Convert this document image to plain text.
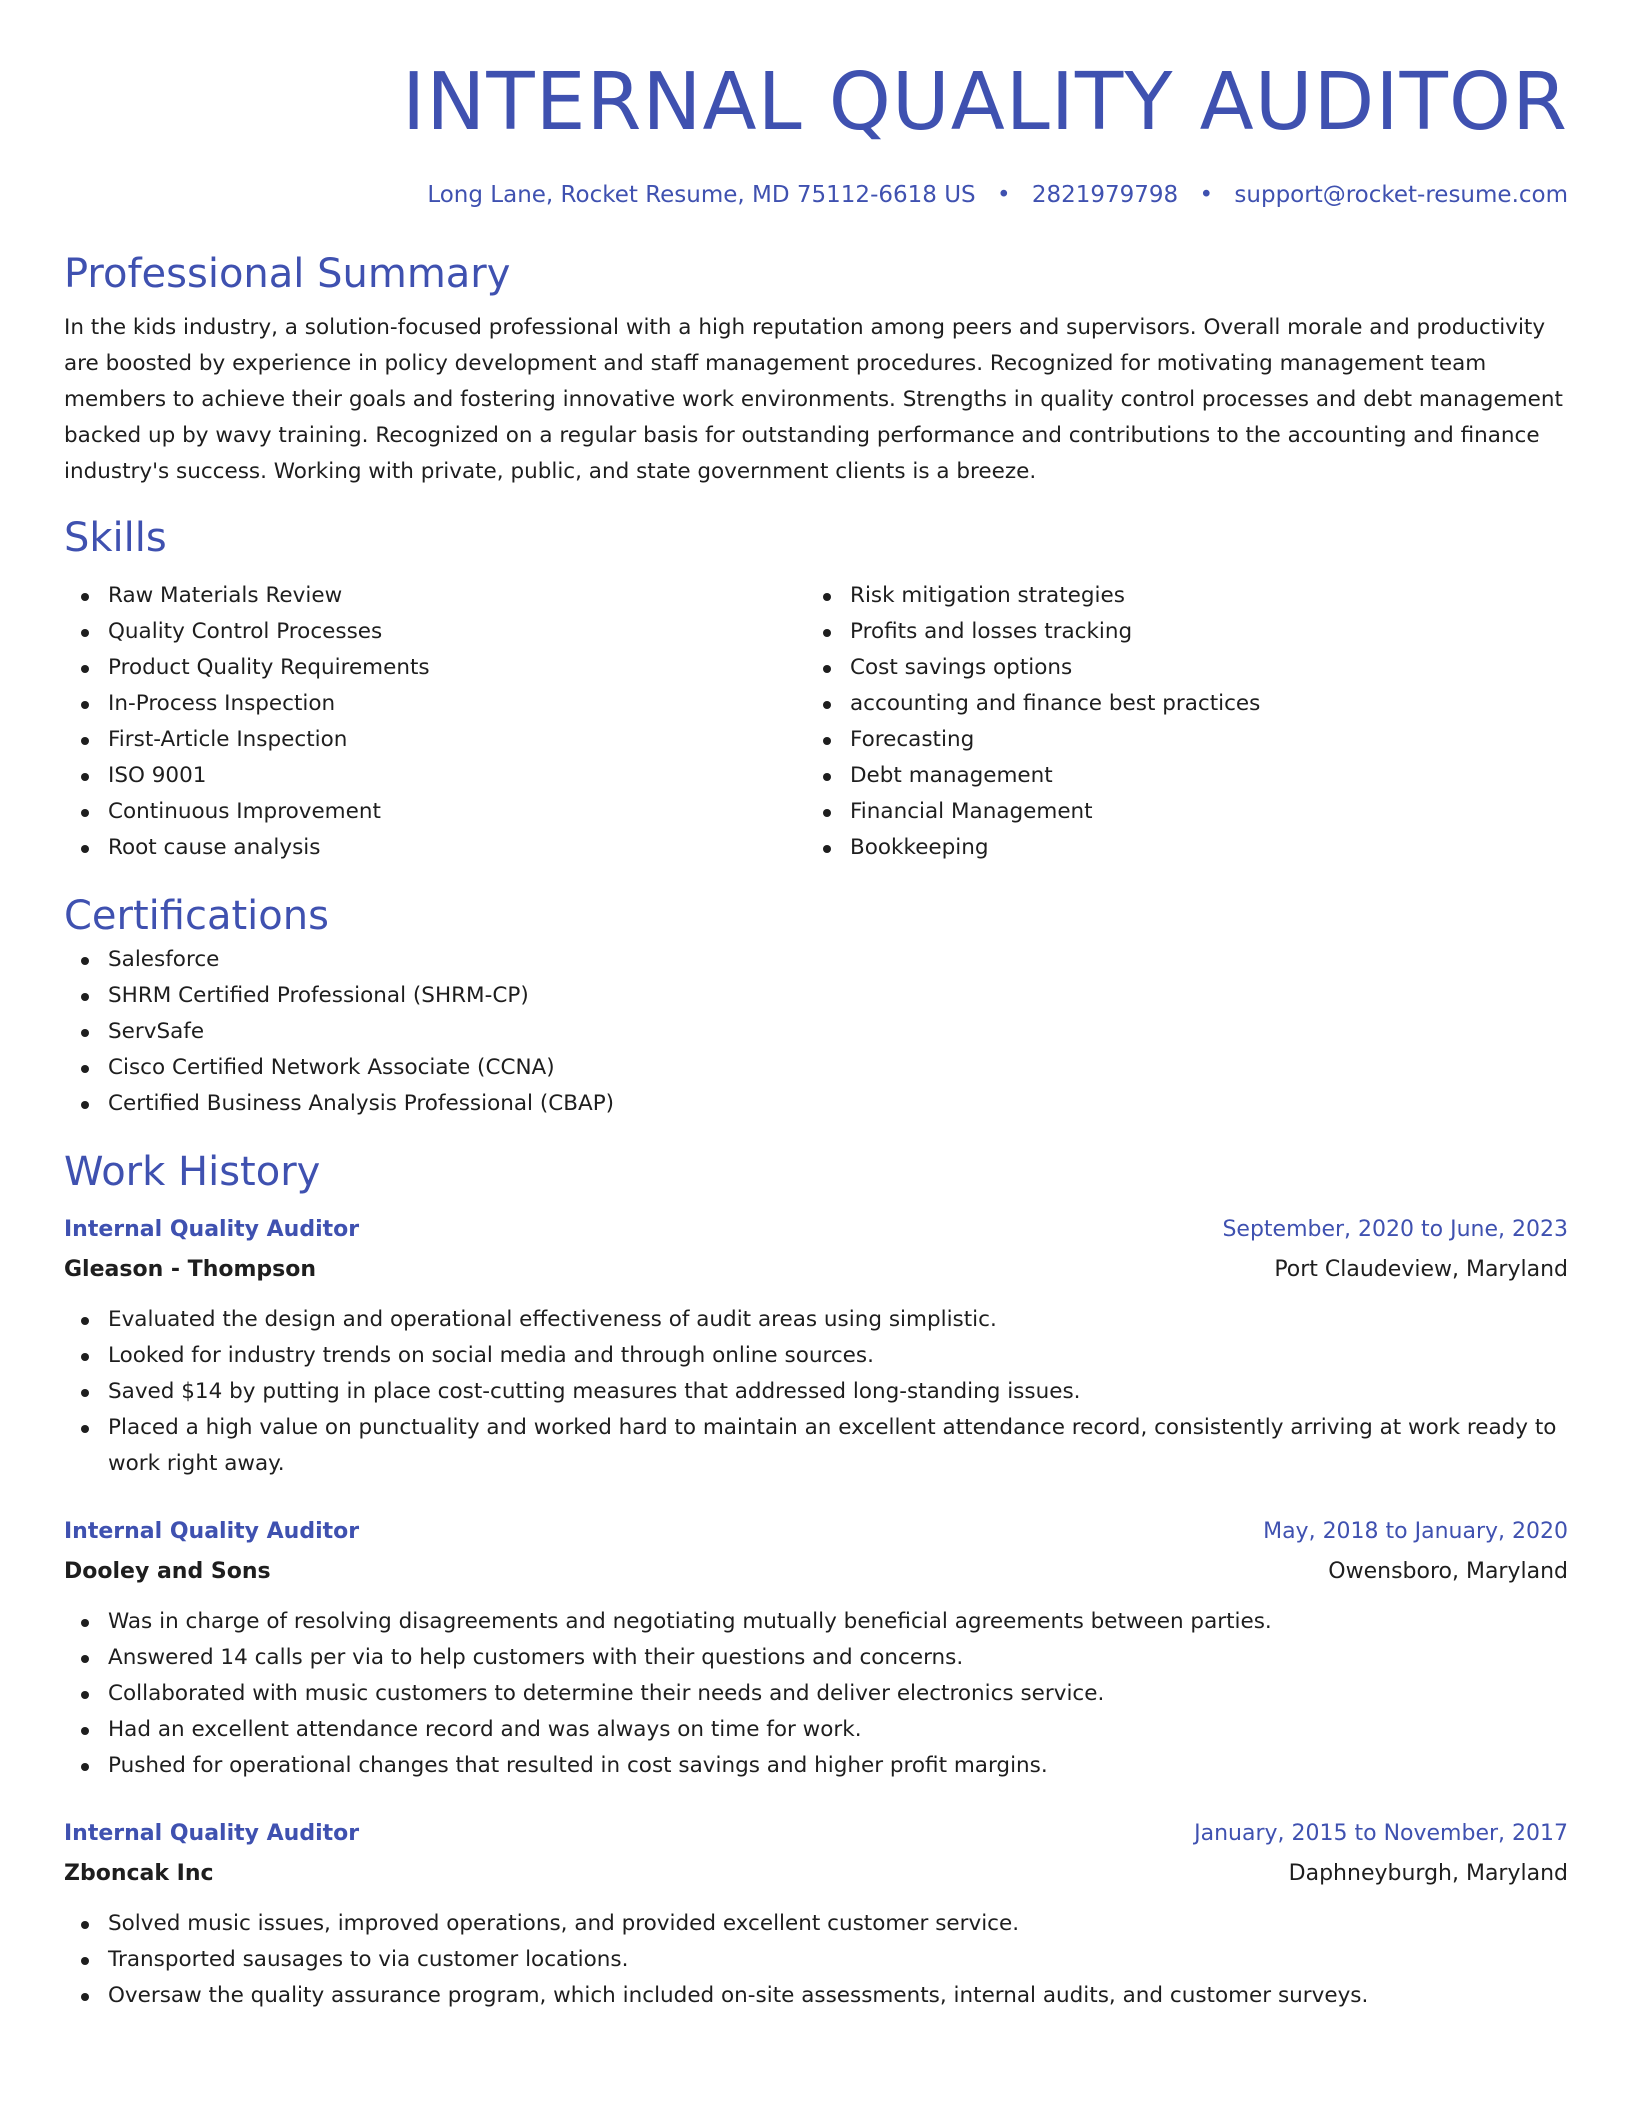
INTERNAL QUALITY AUDITOR
Long Lane, Rocket Resume, MD 75112-6618 US • 2821979798 • support@rocket-resume.com
Professional Summary
In the kids industry, a solution-focused professional with a high reputation among peers and supervisors. Overall morale and productivity are boosted by experience in policy development and staff management procedures. Recognized for motivating management team members to achieve their goals and fostering innovative work environments. Strengths in quality control processes and debt management backed up by wavy training. Recognized on a regular basis for outstanding performance and contributions to the accounting and finance industry's success. Working with private, public, and state government clients is a breeze.
Skills
Raw Materials Review
Quality Control Processes
Product Quality Requirements
In-Process Inspection
First-Article Inspection
ISO 9001
Continuous Improvement
Root cause analysis
Risk mitigation strategies
Profits and losses tracking
Cost savings options
accounting and finance best practices
Forecasting
Debt management
Financial Management
Bookkeeping
Certifications
Salesforce
SHRM Certified Professional (SHRM-CP)
ServSafe
Cisco Certified Network Associate (CCNA)
Certified Business Analysis Professional (CBAP)
Work History
Internal Quality Auditor	September, 2020 to June, 2023
Gleason - Thompson	Port Claudeview, Maryland
Evaluated the design and operational effectiveness of audit areas using simplistic.
Looked for industry trends on social media and through online sources.
Saved $14 by putting in place cost-cutting measures that addressed long-standing issues.
Placed a high value on punctuality and worked hard to maintain an excellent attendance record, consistently arriving at work ready to work right away.
Internal Quality Auditor	May, 2018 to January, 2020
Dooley and Sons	Owensboro, Maryland
Was in charge of resolving disagreements and negotiating mutually beneficial agreements between parties.
Answered 14 calls per via to help customers with their questions and concerns.
Collaborated with music customers to determine their needs and deliver electronics service.
Had an excellent attendance record and was always on time for work.
Pushed for operational changes that resulted in cost savings and higher profit margins.
Internal Quality Auditor	January, 2015 to November, 2017
Zboncak Inc	Daphneyburgh, Maryland
Solved music issues, improved operations, and provided excellent customer service.
Transported sausages to via customer locations.
Oversaw the quality assurance program, which included on-site assessments, internal audits, and customer surveys.
